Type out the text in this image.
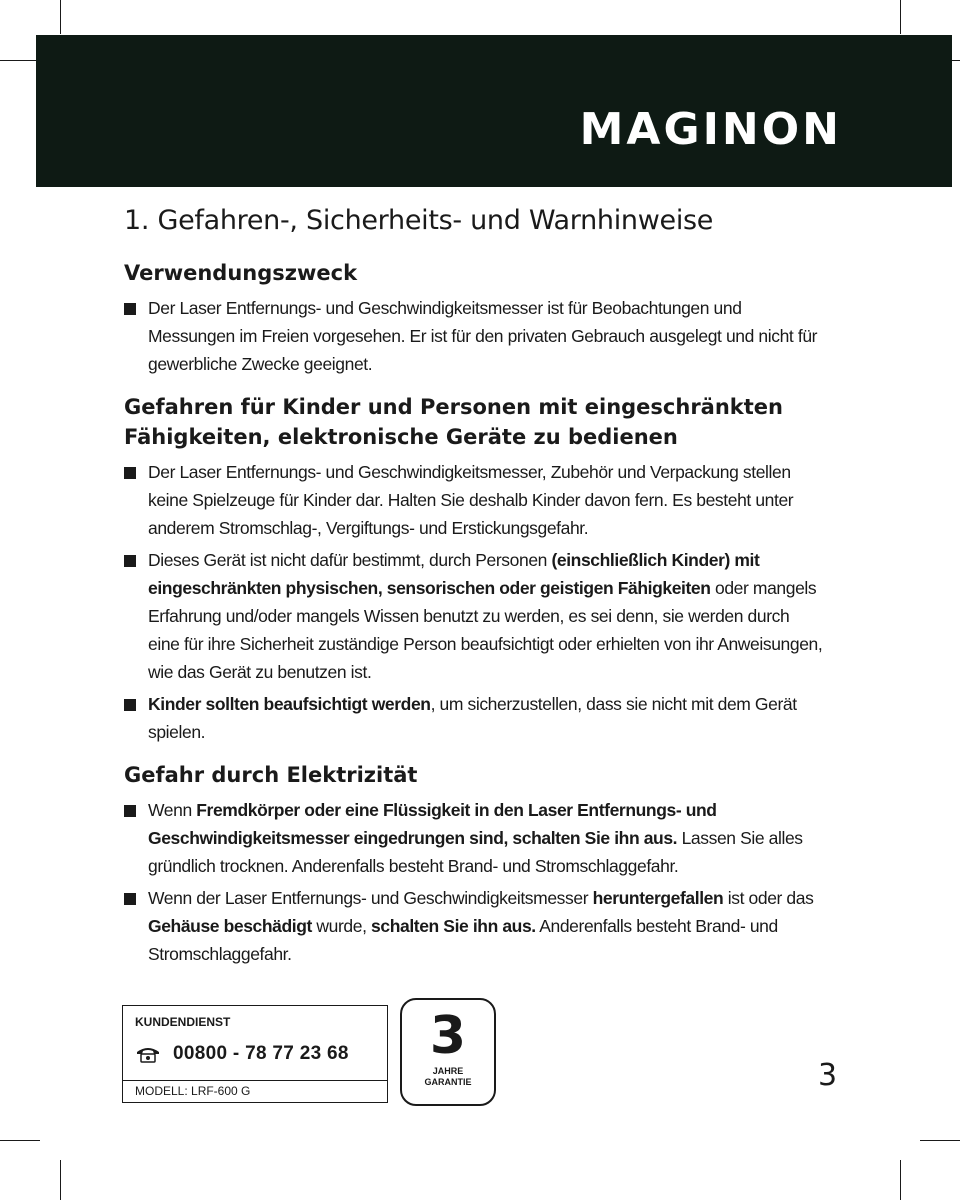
MAGINON
1. Gefahren-, Sicherheits- und Warnhinweise
Verwendungszweck
Der Laser Entfernungs- und Geschwindigkeitsmesser ist für Beobachtungen und Messungen im Freien vorgesehen. Er ist für den privaten Gebrauch ausgelegt und nicht für gewerbliche Zwecke geeignet.
Gefahren für Kinder und Personen mit eingeschränkten Fähigkeiten, elektronische Geräte zu bedienen
Der Laser Entfernungs- und Geschwindigkeitsmesser, Zubehör und Verpackung stellen keine Spielzeuge für Kinder dar. Halten Sie deshalb Kinder davon fern. Es besteht unter anderem Stromschlag-, Vergiftungs- und Erstickungsgefahr.
Dieses Gerät ist nicht dafür bestimmt, durch Personen (einschließlich Kinder) mit eingeschränkten physischen, sensorischen oder geistigen Fähigkeiten oder mangels Erfahrung und/oder mangels Wissen benutzt zu werden, es sei denn, sie werden durch eine für ihre Sicherheit zuständige Person beaufsichtigt oder erhielten von ihr Anweisungen, wie das Gerät zu benutzen ist.
Kinder sollten beaufsichtigt werden, um sicherzustellen, dass sie nicht mit dem Gerät spielen.
Gefahr durch Elektrizität
Wenn Fremdkörper oder eine Flüssigkeit in den Laser Entfernungs- und Geschwindigkeitsmesser eingedrungen sind, schalten Sie ihn aus. Lassen Sie alles gründlich trocknen. Anderenfalls besteht Brand- und Stromschlaggefahr.
Wenn der Laser Entfernungs- und Geschwindigkeitsmesser heruntergefallen ist oder das Gehäuse beschädigt wurde, schalten Sie ihn aus. Anderenfalls besteht Brand- und Stromschlaggefahr.
KUNDENDIENST
00800 - 78 77 23 68
MODELL: LRF-600 G
3
JAHRE
GARANTIE	3
